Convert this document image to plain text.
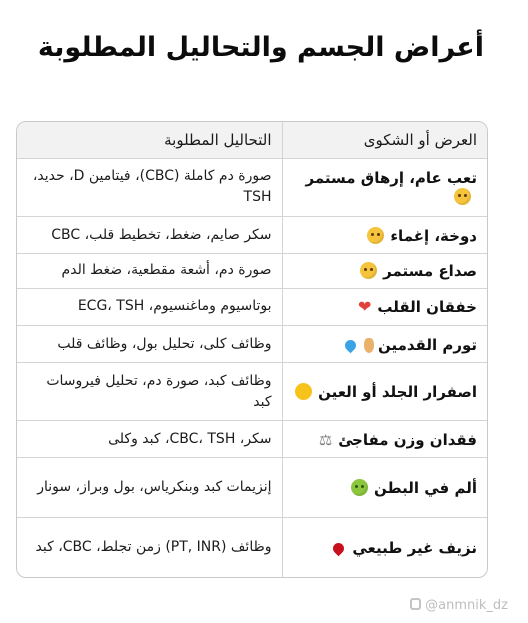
أعراض الجسم والتحاليل المطلوبة
العرض أو الشكوى	التحاليل المطلوبة
تعب عام، إرهاق مستمر	صورة دم كاملة (CBC)، فيتامين D، حديد، TSH
دوخة، إغماء	سكر صايم، ضغط، تخطيط قلب، CBC
صداع مستمر	صورة دم، أشعة مقطعية، ضغط الدم
خفقان القلب❤	بوتاسيوم وماغنسيوم، ECG، TSH
تورم القدمين	وظائف كلى، تحليل بول، وظائف قلب
اصفرار الجلد أو العين	وظائف كبد، صورة دم، تحليل فيروسات كبد
فقدان وزن مفاجئ⚖	سكر، CBC، TSH، كبد وكلى
ألم في البطن	إنزيمات كبد وبنكرياس، بول وبراز، سونار
نزيف غير طبيعي	وظائف (PT, INR) زمن تجلط، CBC، كبد
@anmnik_dz
